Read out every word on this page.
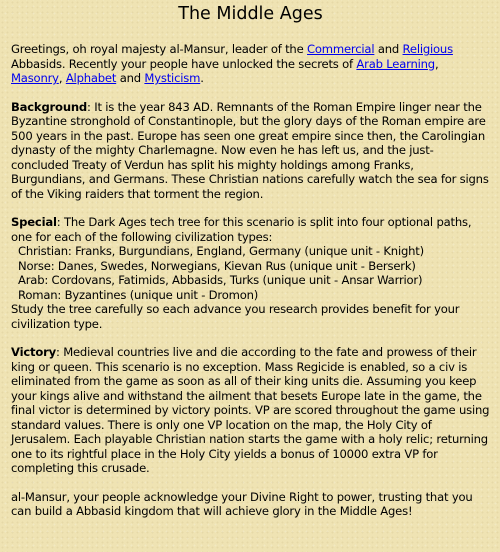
The Middle Ages

Greetings, oh royal majesty al-Mansur, leader of the Commercial and Religious Abbasids. Recently your people have unlocked the secrets of Arab Learning, Masonry, Alphabet and Mysticism.

Background: It is the year 843 AD. Remnants of the Roman Empire linger near the Byzantine stronghold of Constantinople, but the glory days of the Roman empire are 500 years in the past. Europe has seen one great empire since then, the Carolingian dynasty of the mighty Charlemagne. Now even he has left us, and the just-concluded Treaty of Verdun has split his mighty holdings among Franks, Burgundians, and Germans. These Christian nations carefully watch the sea for signs of the Viking raiders that torment the region.

Special: The Dark Ages tech tree for this scenario is split into four optional paths, one for each of the following civilization types:
Christian: Franks, Burgundians, England, Germany (unique unit - Knight)
Norse: Danes, Swedes, Norwegians, Kievan Rus (unique unit - Berserk)
Arab: Cordovans, Fatimids, Abbasids, Turks (unique unit - Ansar Warrior)
Roman: Byzantines (unique unit - Dromon)
Study the tree carefully so each advance you research provides benefit for your civilization type.

Victory: Medieval countries live and die according to the fate and prowess of their king or queen. This scenario is no exception. Mass Regicide is enabled, so a civ is eliminated from the game as soon as all of their king units die. Assuming you keep your kings alive and withstand the ailment that besets Europe late in the game, the final victor is determined by victory points. VP are scored throughout the game using standard values. There is only one VP location on the map, the Holy City of Jerusalem. Each playable Christian nation starts the game with a holy relic; returning one to its rightful place in the Holy City yields a bonus of 10000 extra VP for completing this crusade.

al-Mansur, your people acknowledge your Divine Right to power, trusting that you can build a Abbasid kingdom that will achieve glory in the Middle Ages!
